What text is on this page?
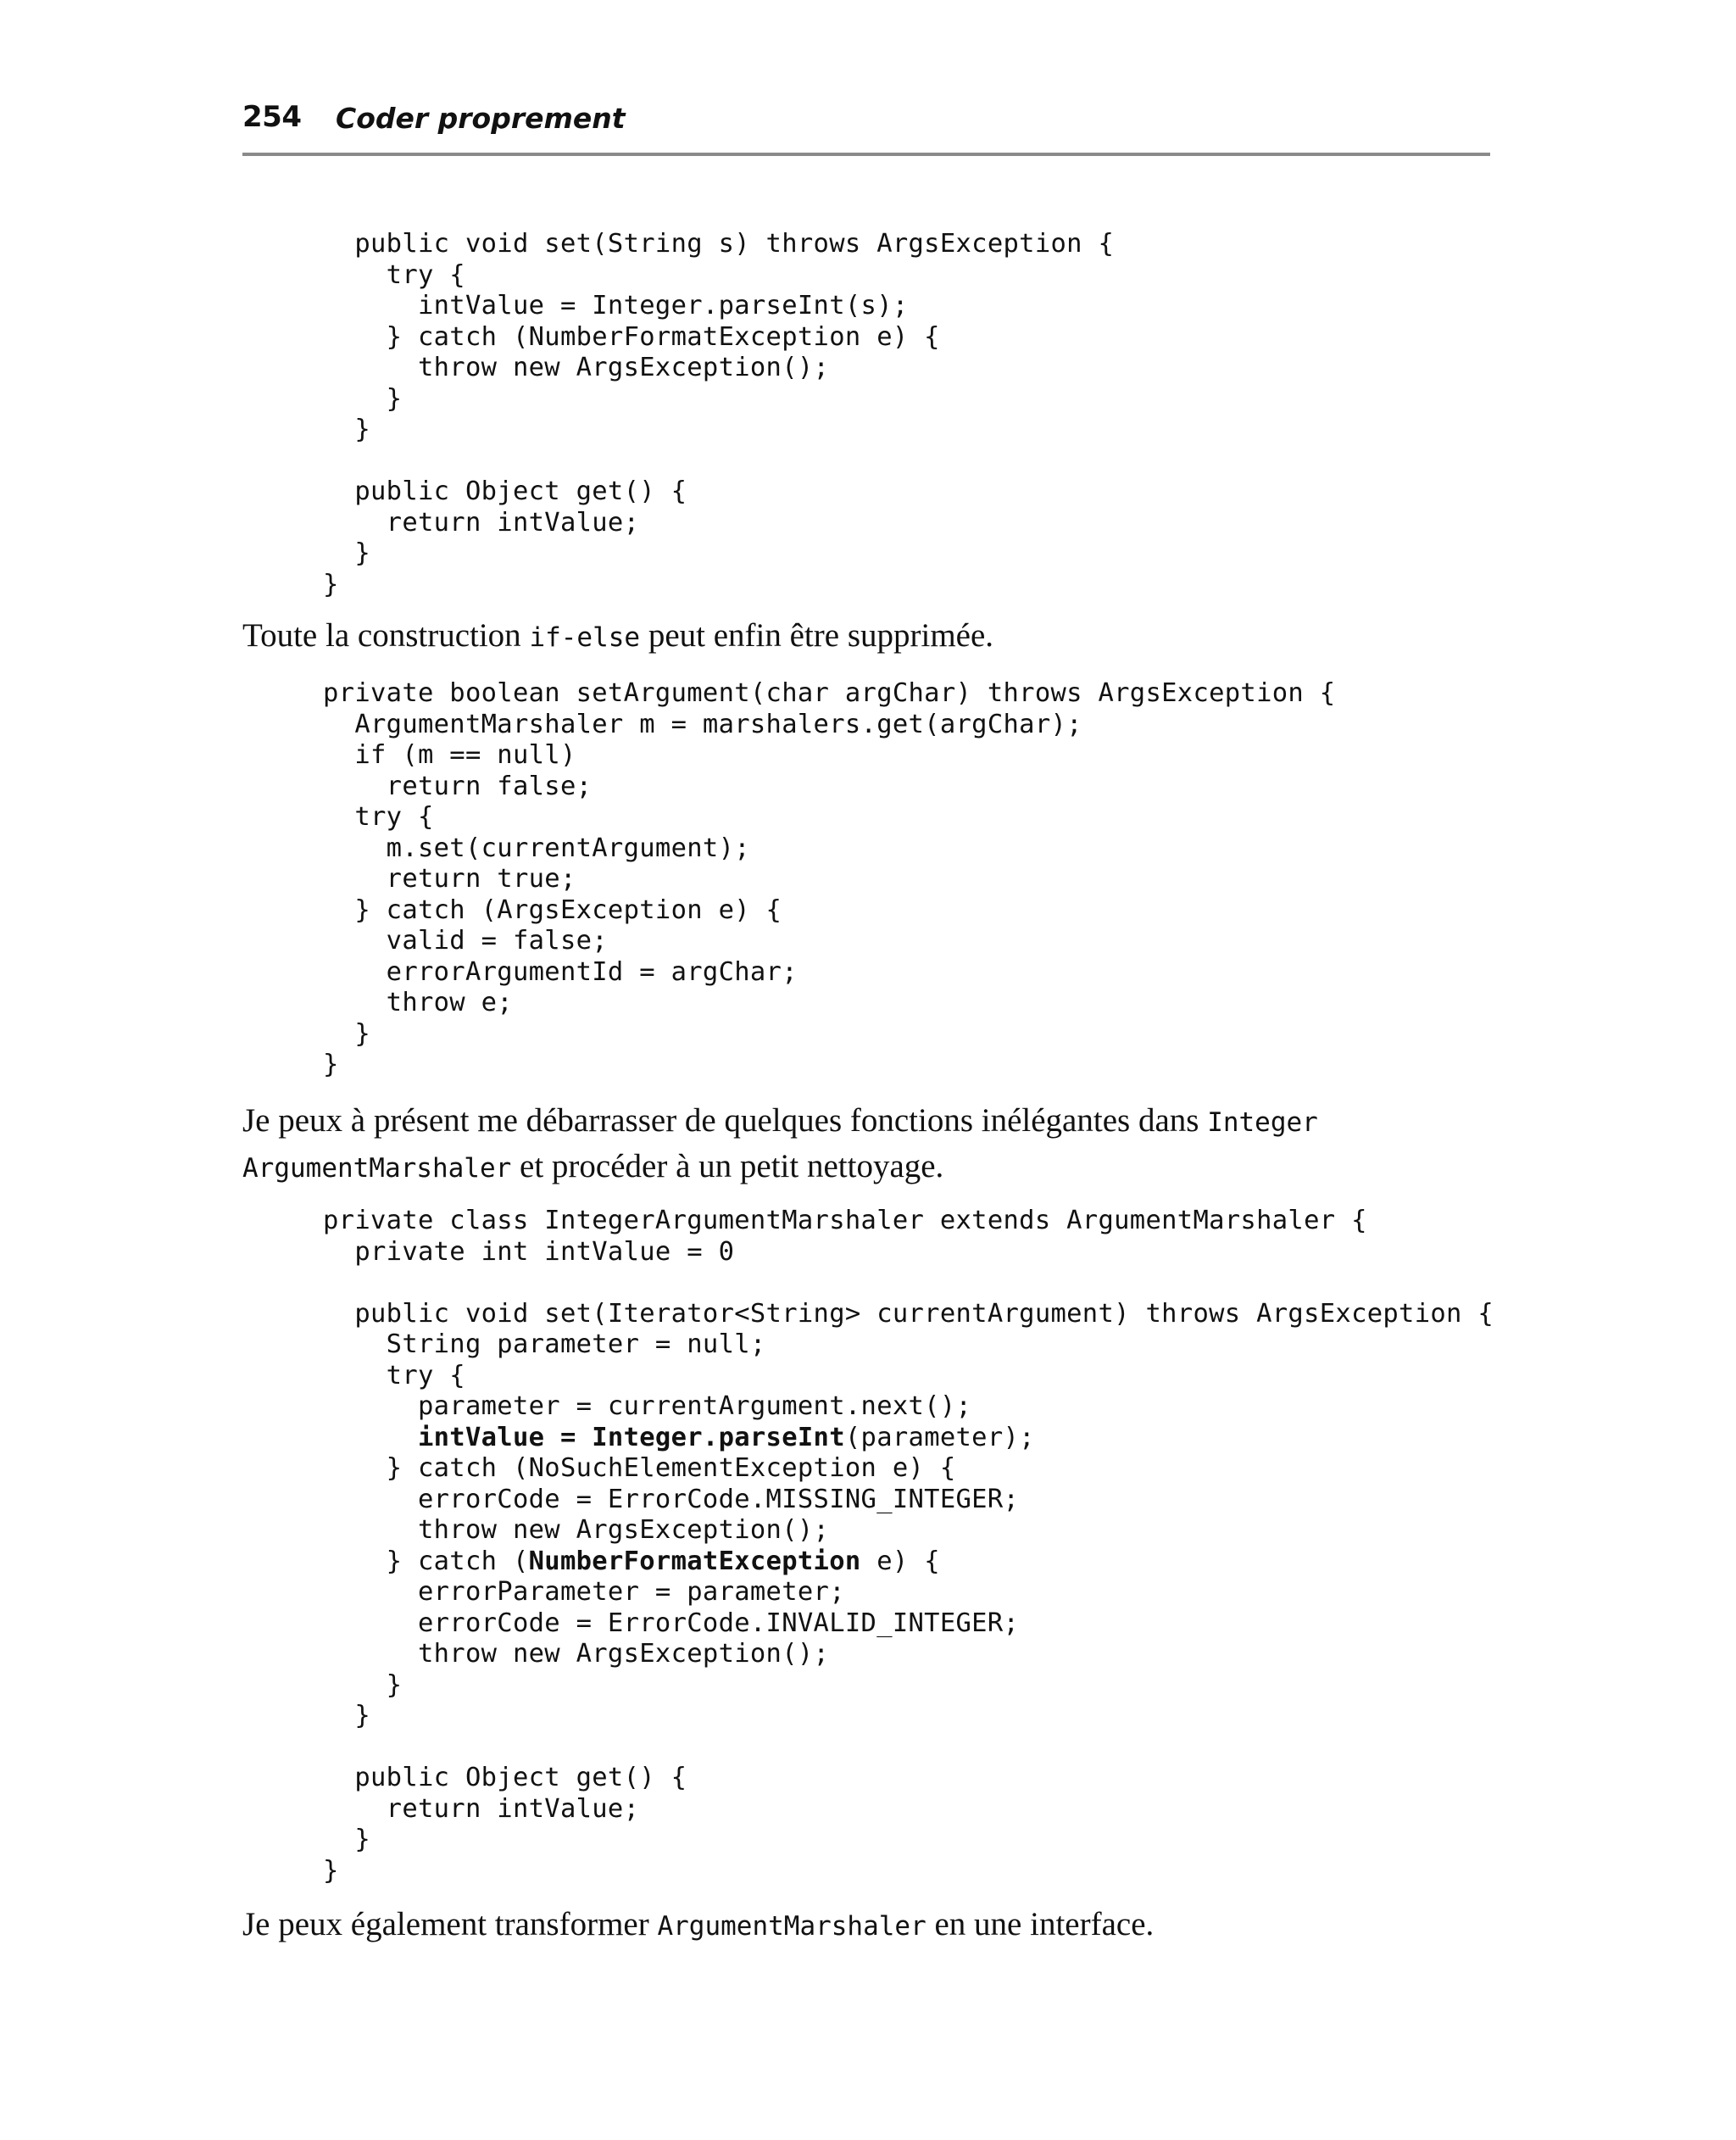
254 Coder proprement
public void set(String s) throws ArgsException {
try {
intValue = Integer.parseInt(s);
} catch (NumberFormatException e) {
throw new ArgsException();
}
}
public Object get() {
return intValue;
}
}

Toute la construction if-else peut enfin être supprimée.

private boolean setArgument(char argChar) throws ArgsException {
ArgumentMarshaler m = marshalers.get(argChar);
if (m == null)
return false;
try {
m.set(currentArgument);
return true;
} catch (ArgsException e) {
valid = false;
errorArgumentId = argChar;
throw e;
}
}

Je peux à présent me débarrasser de quelques fonctions inélégantes dans Integer
ArgumentMarshaler et procéder à un petit nettoyage.

private class IntegerArgumentMarshaler extends ArgumentMarshaler {
private int intValue = 0
public void set(Iterator<String> currentArgument) throws ArgsException {
String parameter = null;
try {
parameter = currentArgument.next();
intValue = Integer.parseInt(parameter);
} catch (NoSuchElementException e) {
errorCode = ErrorCode.MISSING_INTEGER;
throw new ArgsException();
} catch (NumberFormatException e) {
errorParameter = parameter;
errorCode = ErrorCode.INVALID_INTEGER;
throw new ArgsException();
}
}
public Object get() {
return intValue;
}
}

Je peux également transformer ArgumentMarshaler en une interface.
